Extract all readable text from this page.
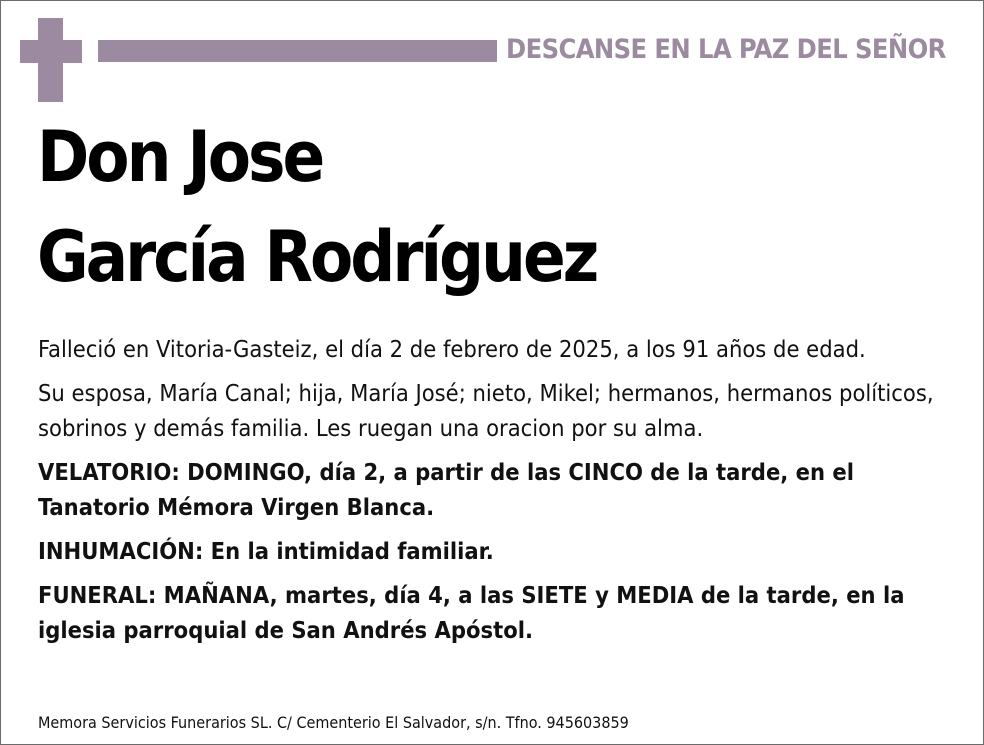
DESCANSE EN LA PAZ DEL SEÑOR
Don Jose
García Rodríguez

Falleció en Vitoria-Gasteiz, el día 2 de febrero de 2025, a los 91 años de edad.

Su esposa, María Canal; hija, María José; nieto, Mikel; hermanos, hermanos políticos, sobrinos y demás familia. Les ruegan una oracion por su alma.

VELATORIO: DOMINGO, día 2, a partir de las CINCO de la tarde, en el Tanatorio Mémora Virgen Blanca.

INHUMACIÓN: En la intimidad familiar.

FUNERAL: MAÑANA, martes, día 4, a las SIETE y MEDIA de la tarde, en la iglesia parroquial de San Andrés Apóstol.

Memora Servicios Funerarios SL. C/ Cementerio El Salvador, s/n. Tfno. 945603859
